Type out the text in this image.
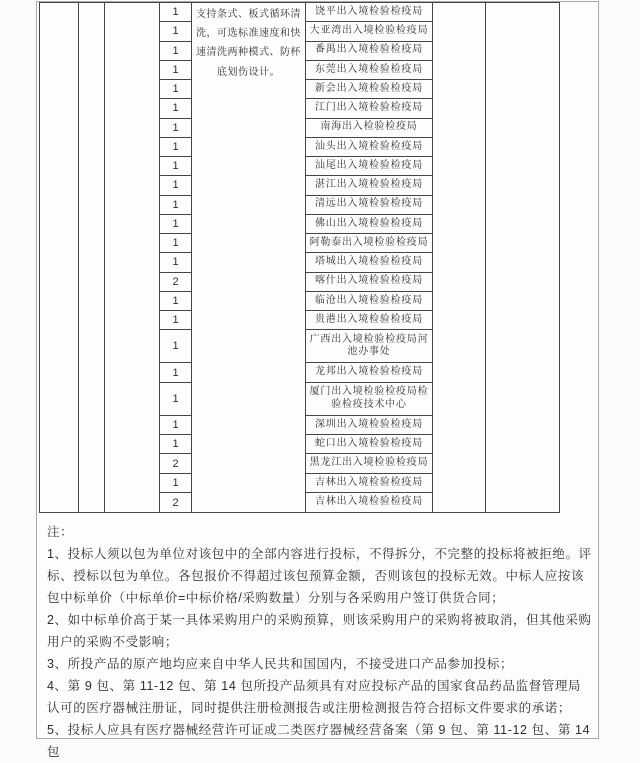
1
1
1
1
1
1
1
1
1
1
1
1
1
1
2
1
1
1
1
1
1
1
2
1
2
支持条式、板式循环清洗，可选标准速度和快速清洗两种模式、防杯底划伤设计。
饶平出入境检验检疫局
大亚湾出入境检验检疫局
番禺出入境检验检疫局
东莞出入境检验检疫局
新会出入境检验检疫局
江门出入境检验检疫局
南海出入检验检疫局
汕头出入境检验检疫局
汕尾出入境检验检疫局
湛江出入境检验检疫局
清远出入境检验检疫局
佛山出入境检验检疫局
阿勒泰出入境检验检疫局
塔城出入境检验检疫局
喀什出入境检验检疫局
临沧出入境检验检疫局
贵港出入境检验检疫局
广西出入境检验检疫局河池办事处
龙邦出入境检验检疫局
厦门出入境检验检疫局检验检疫技术中心
深圳出入境检验检疫局
蛇口出入境检验检疫局
黑龙江出入境检验检疫局
吉林出入境检验检疫局
吉林出入境检验检疫局

注：

1、投标人须以包为单位对该包中的全部内容进行投标，不得拆分，不完整的投标将被拒绝。评标、授标以包为单位。各包报价不得超过该包预算金额，否则该包的投标无效。中标人应按该包中标单价（中标单价=中标价格/采购数量）分别与各采购用户签订供货合同；

2、如中标单价高于某一具体采购用户的采购预算，则该采购用户的采购将被取消，但其他采购用户的采购不受影响；

3、所投产品的原产地均应来自中华人民共和国国内，不接受进口产品参加投标；

4、第 9 包、第 11-12 包、第 14 包所投产品须具有对应投标产品的国家食品药品监督管理局认可的医疗器械注册证，同时提供注册检测报告或注册检测报告符合招标文件要求的承诺；

5、投标人应具有医疗器械经营许可证或二类医疗器械经营备案（第 9 包、第 11-12 包、第 14 包
